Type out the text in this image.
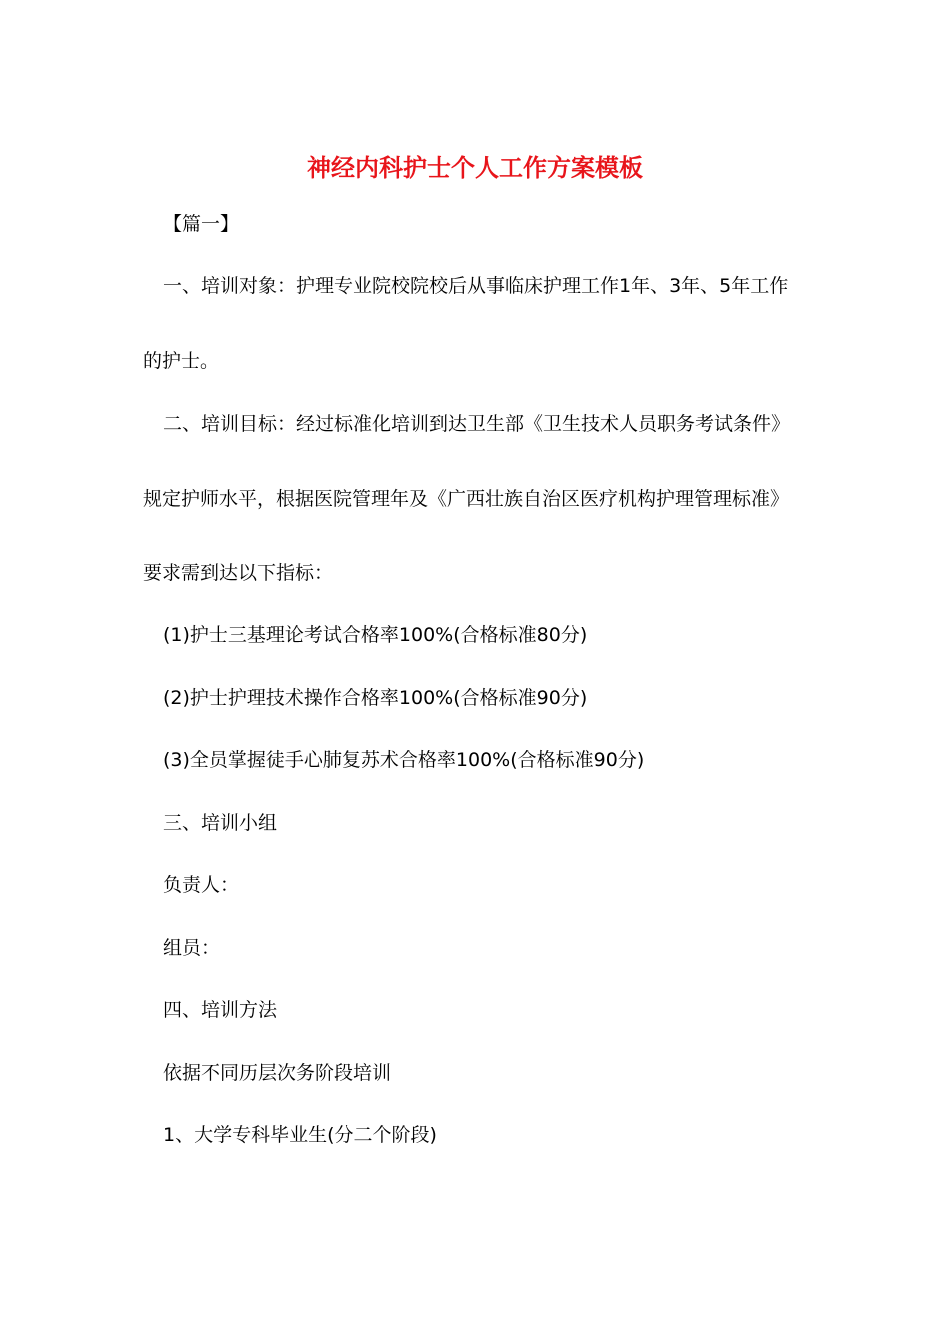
神经内科护士个人工作方案模板
【篇一】
一、培训对象：护理专业院校院校后从事临床护理工作1年、3年、5年工作
的护士。
二、培训目标：经过标准化培训到达卫生部《卫生技术人员职务考试条件》
规定护师水平，根据医院管理年及《广西壮族自治区医疗机构护理管理标准》
要求需到达以下指标：
(1)护士三基理论考试合格率100%(合格标准80分)
(2)护士护理技术操作合格率100%(合格标准90分)
(3)全员掌握徒手心肺复苏术合格率100%(合格标准90分)
三、培训小组
负责人：
组员：
四、培训方法
依据不同历层次务阶段培训
1、大学专科毕业生(分二个阶段)
